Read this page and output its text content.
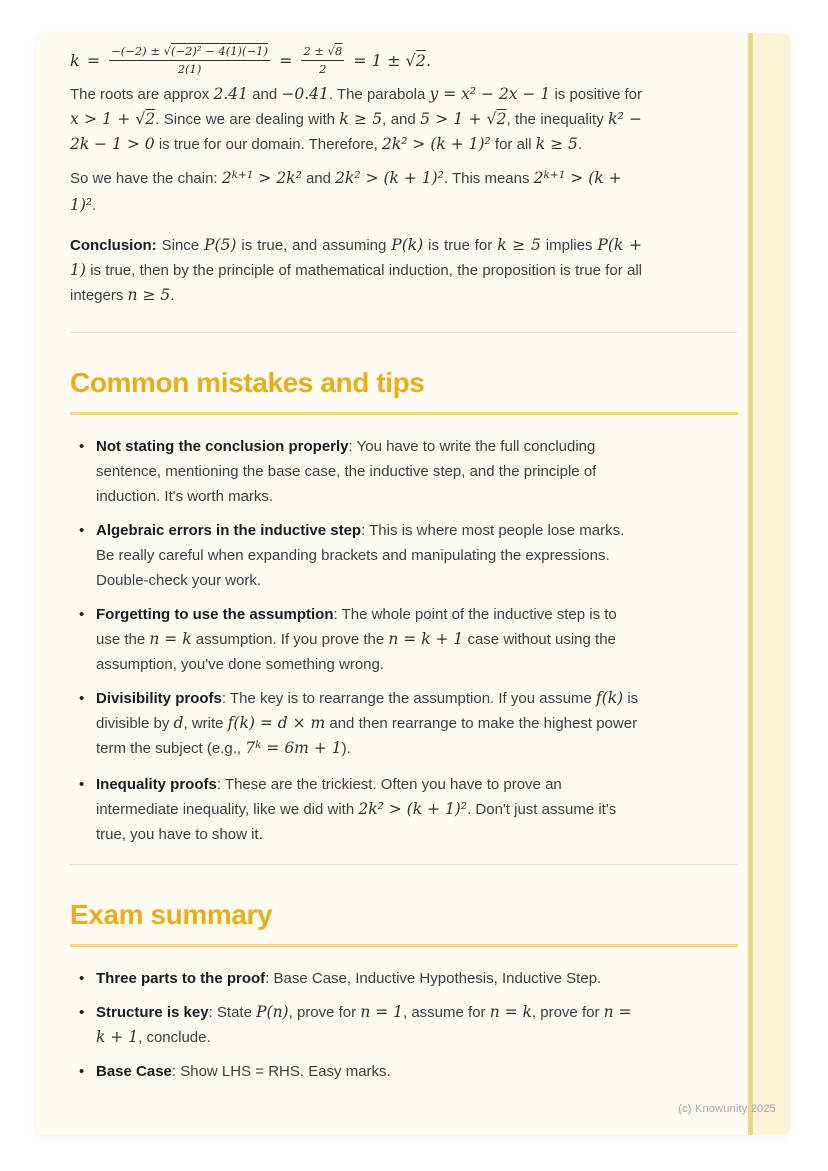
$k = \frac{\text{−(−2) ± √(−2)² − 4(1)(−1)}}{2(1)} = \frac{2 \pm √8}{2} = 1 \pm √2$.

The roots are approx 2.41 and −0.41. The parabola y = x² − 2x − 1 is positive for x > 1 + √2. Since we are dealing with k ≥ 5, and 5 > 1 + √2, the inequality k² − 2k − 1 > 0 is true for our domain. Therefore, 2k² > (k + 1)² for all k ≥ 5.

So we have the chain: $2^{k+1} > 2k^2$ and 2k² > (k + 1)². This means $2^{k+1} > (k + 1)^2$.

Conclusion: Since P(5) is true, and assuming P(k) is true for k ≥ 5 implies P(k + 1) is true, then by the principle of mathematical induction, the proposition is true for all integers n ≥ 5.

Common mistakes and tips
• Not stating the conclusion properly: You have to write the full concluding sentence, mentioning the base case, the inductive step, and the principle of induction. It's worth marks.
• Algebraic errors in the inductive step: This is where most people lose marks. Be really careful when expanding brackets and manipulating the expressions. Double-check your work.
• Forgetting to use the assumption: The whole point of the inductive step is to use the n = k assumption. If you prove the n = k + 1 case without using the assumption, you've done something wrong.
• Divisibility proofs: The key is to rearrange the assumption. If you assume f(k) is divisible by d, write f(k) = d × m and then rearrange to make the highest power term the subject (e.g., $7^k = 6m + 1$).
• Inequality proofs: These are the trickiest. Often you have to prove an intermediate inequality, like we did with 2k² > (k + 1)². Don't just assume it's true, you have to show it.
Exam summary
• Three parts to the proof: Base Case, Inductive Hypothesis, Inductive Step.
• Structure is key: State P(n), prove for n = 1, assume for n = k, prove for n = k + 1, conclude.
• Base Case: Show LHS = RHS. Easy marks.
(c) Knowunity 2025
